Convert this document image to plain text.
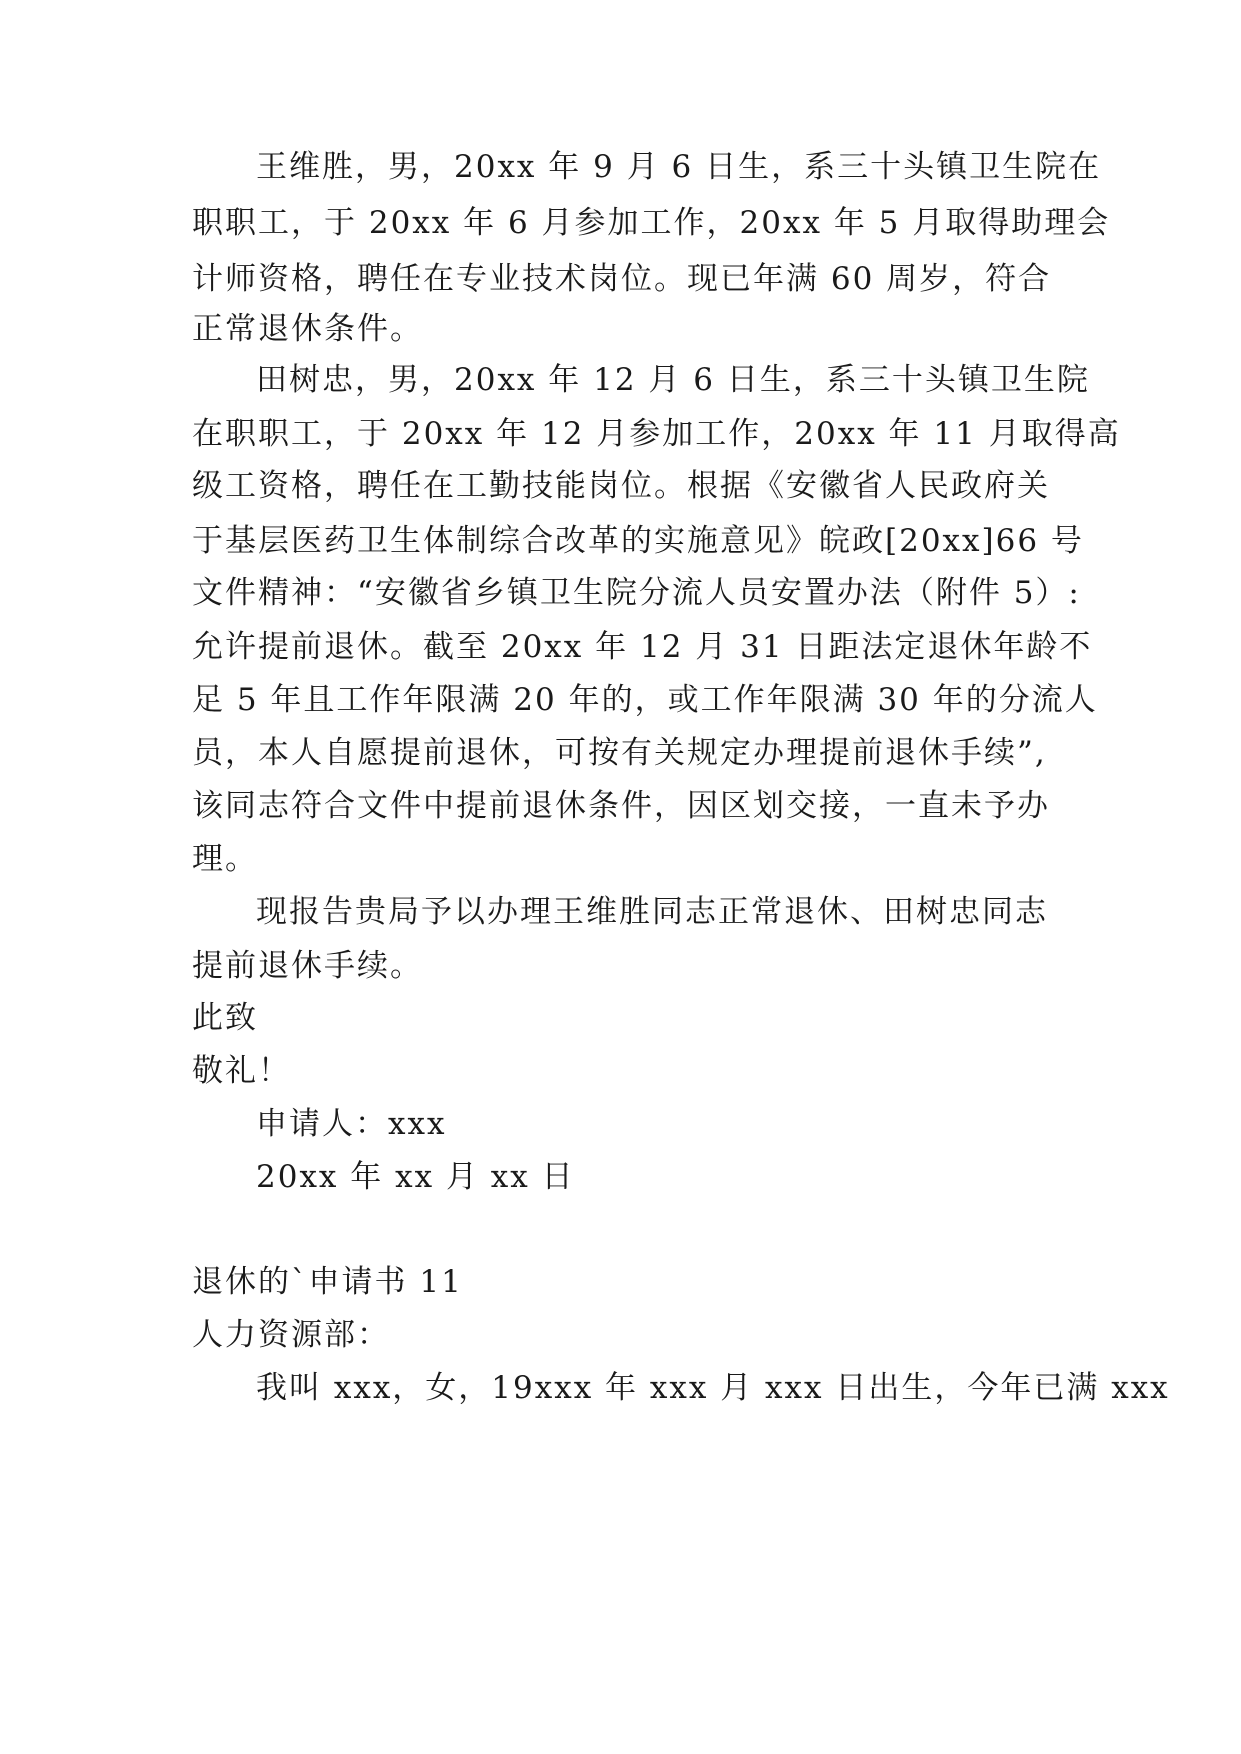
王维胜，男，20xx 年 9 月 6 日生，系三十头镇卫生院在
职职工，于 20xx 年 6 月参加工作，20xx 年 5 月取得助理会
计师资格，聘任在专业技术岗位。现已年满 60 周岁，符合
正常退休条件。
田树忠，男，20xx 年 12 月 6 日生，系三十头镇卫生院
在职职工，于 20xx 年 12 月参加工作，20xx 年 11 月取得高
级工资格，聘任在工勤技能岗位。根据《安徽省人民政府关
于基层医药卫生体制综合改革的实施意见》皖政[20xx]66 号
文件精神：“安徽省乡镇卫生院分流人员安置办法（附件 5）:
允许提前退休。截至 20xx 年 12 月 31 日距法定退休年龄不
足 5 年且工作年限满 20 年的，或工作年限满 30 年的分流人
员，本人自愿提前退休，可按有关规定办理提前退休手续”,
该同志符合文件中提前退休条件，因区划交接，一直未予办
理。
现报告贵局予以办理王维胜同志正常退休、田树忠同志
提前退休手续。
此致
敬礼！
申请人：xxx
20xx 年 xx 月 xx 日
退休的`申请书 11
人力资源部：
我叫 xxx，女，19xxx 年 xxx 月 xxx 日出生，今年已满 xxx
